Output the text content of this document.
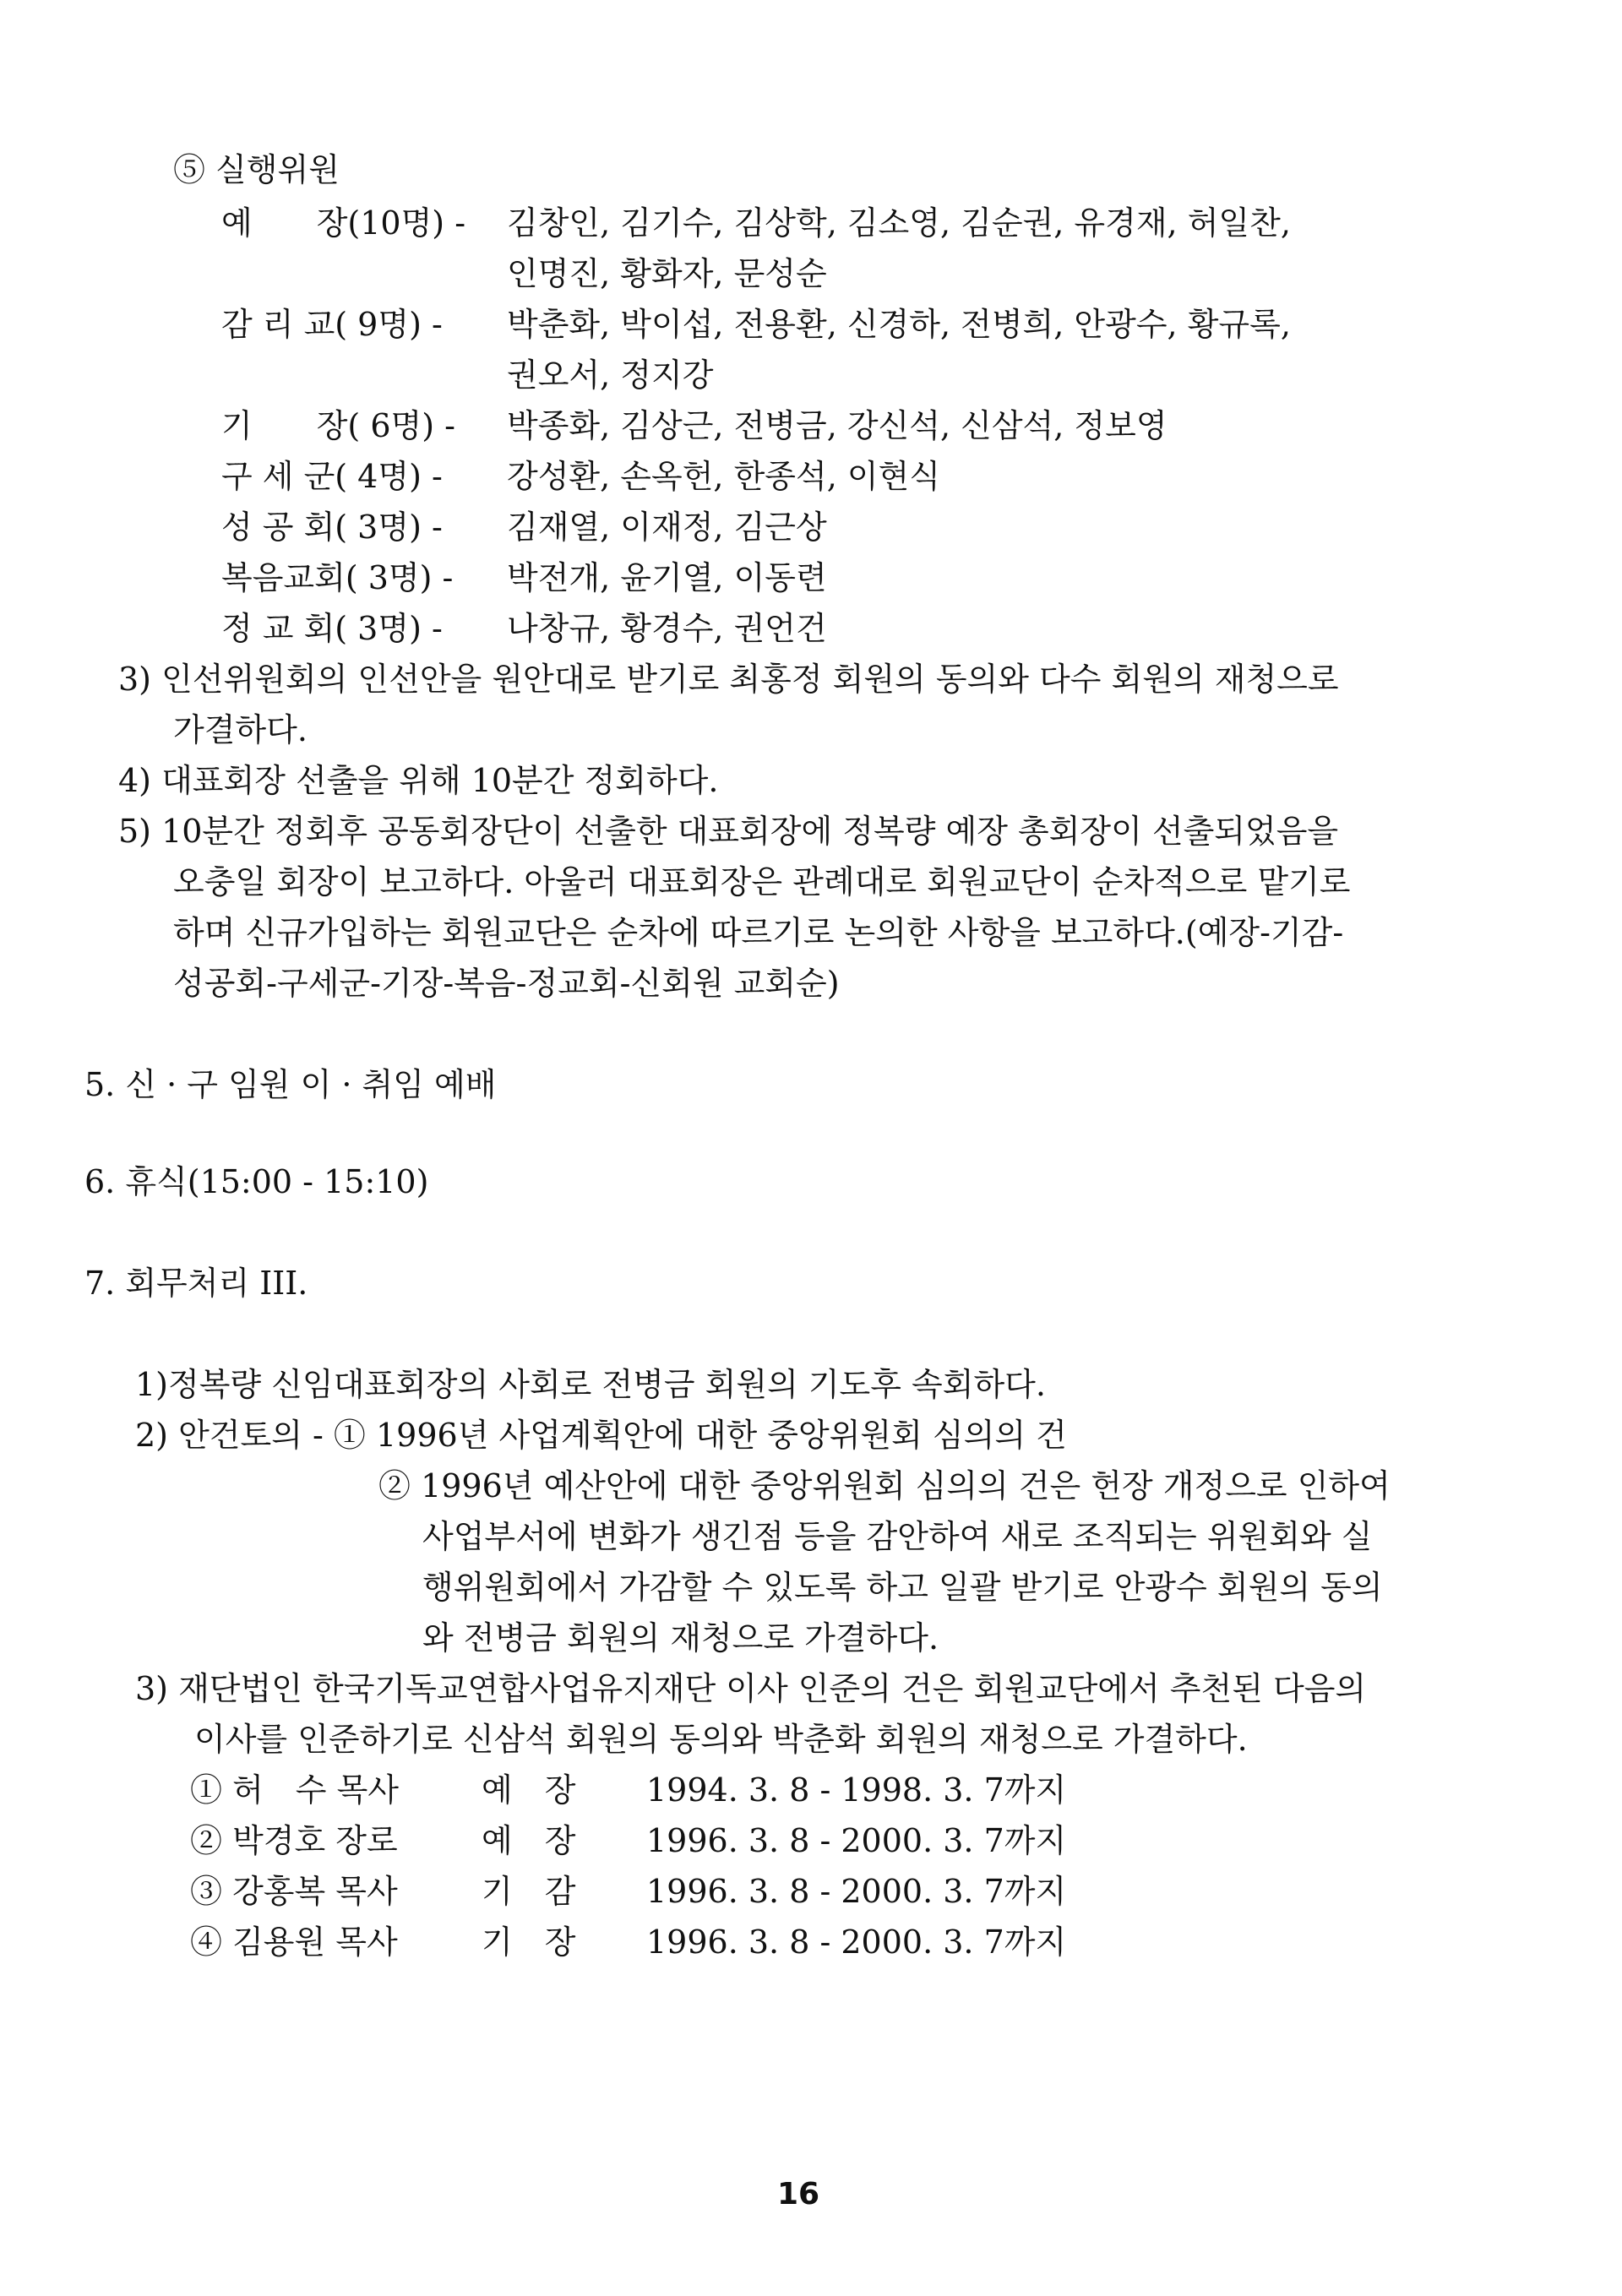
⑤ 실행위원
예　　장(10명) - 김창인, 김기수, 김상학, 김소영, 김순권, 유경재, 허일찬,
인명진, 황화자, 문성순
감 리 교( 9명) - 박춘화, 박이섭, 전용환, 신경하, 전병희, 안광수, 황규록,
권오서, 정지강
기　　장( 6명) - 박종화, 김상근, 전병금, 강신석, 신삼석, 정보영
구 세 군( 4명) - 강성환, 손옥헌, 한종석, 이현식
성 공 회( 3명) - 김재열, 이재정, 김근상
복음교회( 3명) - 박전개, 윤기열, 이동련
정 교 회( 3명) - 나창규, 황경수, 권언건
3) 인선위원회의 인선안을 원안대로 받기로 최홍정 회원의 동의와 다수 회원의 재청으로
가결하다.
4) 대표회장 선출을 위해 10분간 정회하다.
5) 10분간 정회후 공동회장단이 선출한 대표회장에 정복량 예장 총회장이 선출되었음을
오충일 회장이 보고하다. 아울러 대표회장은 관례대로 회원교단이 순차적으로 맡기로
하며 신규가입하는 회원교단은 순차에 따르기로 논의한 사항을 보고하다.(예장-기감-
성공회-구세군-기장-복음-정교회-신회원 교회순)
5. 신 · 구 임원 이 · 취임 예배
6. 휴식(15:00 - 15:10)
7. 회무처리 III.
1)정복량 신임대표회장의 사회로 전병금 회원의 기도후 속회하다.
2) 안건토의 - ① 1996년 사업계획안에 대한 중앙위원회 심의의 건
② 1996년 예산안에 대한 중앙위원회 심의의 건은 헌장 개정으로 인하여
사업부서에 변화가 생긴점 등을 감안하여 새로 조직되는 위원회와 실
행위원회에서 가감할 수 있도록 하고 일괄 받기로 안광수 회원의 동의
와 전병금 회원의 재청으로 가결하다.
3) 재단법인 한국기독교연합사업유지재단 이사 인준의 건은 회원교단에서 추천된 다음의
이사를 인준하기로 신삼석 회원의 동의와 박춘화 회원의 재청으로 가결하다.
① 허　수 목사	예　장 1994. 3. 8 - 1998. 3. 7까지
② 박경호 장로	예　장 1996. 3. 8 - 2000. 3. 7까지
③ 강홍복 목사	기　감 1996. 3. 8 - 2000. 3. 7까지
④ 김용원 목사	기　장 1996. 3. 8 - 2000. 3. 7까지
16
